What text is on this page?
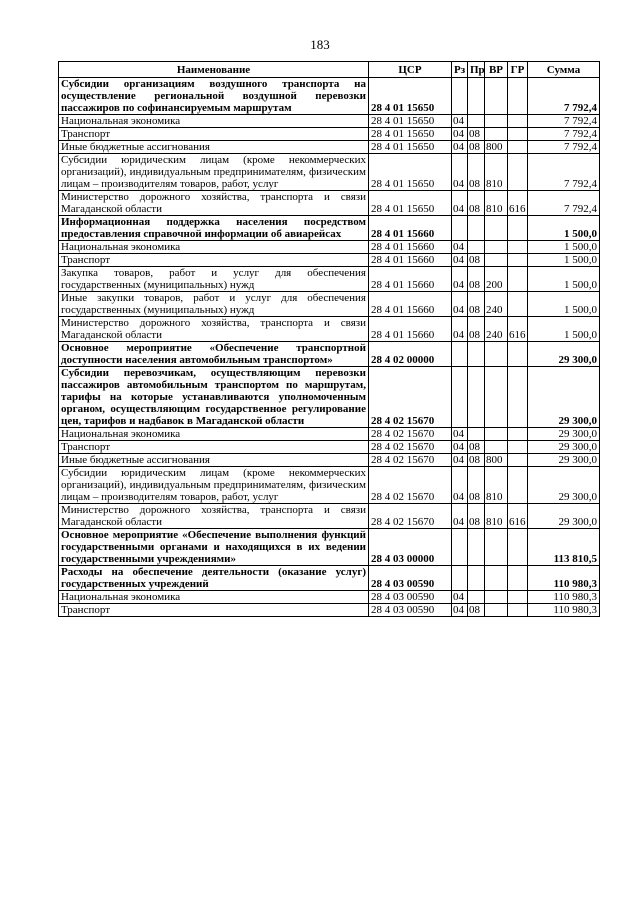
183
Наименование	ЦСР	Рз	Пр	ВР	ГР	Сумма
Субсидии организациям воздушного транспорта на осуществление региональной воздушной перевозки пассажиров по софинансируемым маршрутам	28 4 01 15650					7 792,4
Национальная экономика	28 4 01 15650	04				7 792,4
Транспорт	28 4 01 15650	04	08			7 792,4
Иные бюджетные ассигнования	28 4 01 15650	04	08	800		7 792,4
Субсидии юридическим лицам (кроме некоммерческих организаций), индивидуальным предпринимателям, физическим лицам – производителям товаров, работ, услуг	28 4 01 15650	04	08	810		7 792,4
Министерство дорожного хозяйства, транспорта и связи Магаданской области	28 4 01 15650	04	08	810	616	7 792,4
Информационная поддержка населения посредством предоставления справочной информации об авиарейсах	28 4 01 15660					1 500,0
Национальная экономика	28 4 01 15660	04				1 500,0
Транспорт	28 4 01 15660	04	08			1 500,0
Закупка товаров, работ и услуг для обеспечения государственных (муниципальных) нужд	28 4 01 15660	04	08	200		1 500,0
Иные закупки товаров, работ и услуг для обеспечения государственных (муниципальных) нужд	28 4 01 15660	04	08	240		1 500,0
Министерство дорожного хозяйства, транспорта и связи Магаданской области	28 4 01 15660	04	08	240	616	1 500,0
Основное мероприятие «Обеспечение транспортной доступности населения автомобильным транспортом»	28 4 02 00000					29 300,0
Субсидии перевозчикам, осуществляющим перевозки пассажиров автомобильным транспортом по маршрутам, тарифы на которые устанавливаются уполномоченным органом, осуществляющим государственное регулирование цен, тарифов и надбавок в Магаданской области	28 4 02 15670					29 300,0
Национальная экономика	28 4 02 15670	04				29 300,0
Транспорт	28 4 02 15670	04	08			29 300,0
Иные бюджетные ассигнования	28 4 02 15670	04	08	800		29 300,0
Субсидии юридическим лицам (кроме некоммерческих организаций), индивидуальным предпринимателям, физическим лицам – производителям товаров, работ, услуг	28 4 02 15670	04	08	810		29 300,0
Министерство дорожного хозяйства, транспорта и связи Магаданской области	28 4 02 15670	04	08	810	616	29 300,0
Основное мероприятие «Обеспечение выполнения функций государственными органами и находящихся в их ведении государственными учреждениями»	28 4 03 00000					113 810,5
Расходы на обеспечение деятельности (оказание услуг) государственных учреждений	28 4 03 00590					110 980,3
Национальная экономика	28 4 03 00590	04				110 980,3
Транспорт	28 4 03 00590	04	08			110 980,3
